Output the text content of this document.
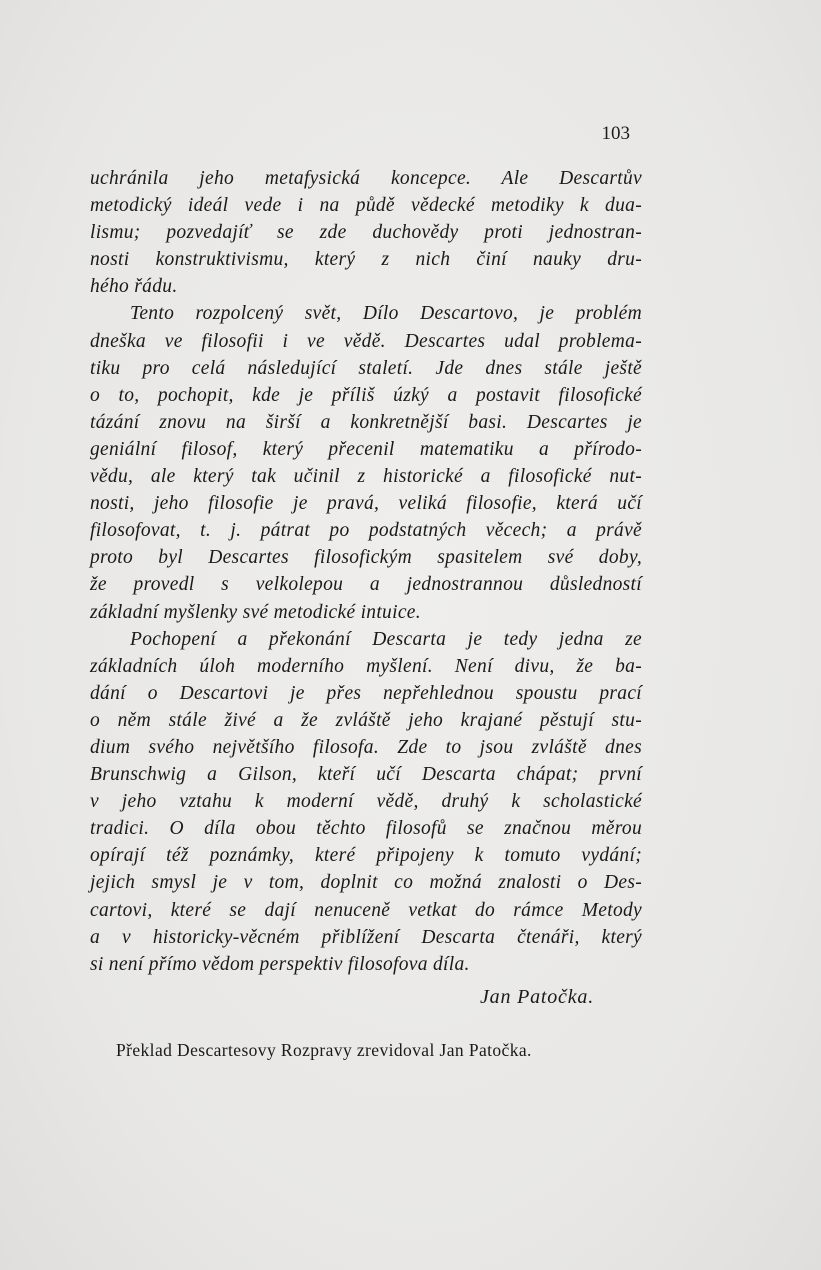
103
uchránila jeho metafysická koncepce. Ale Descartův
metodický ideál vede i na půdě vědecké metodiky k dua-
lismu; pozvedajíť se zde duchovědy proti jednostran-
nosti konstruktivismu, který z nich činí nauky dru-
hého řádu.
Tento rozpolcený svět, Dílo Descartovo, je problém
dneška ve filosofii i ve vědě. Descartes udal problema-
tiku pro celá následující staletí. Jde dnes stále ještě
o to, pochopit, kde je příliš úzký a postavit filosofické
tázání znovu na širší a konkretnější basi. Descartes je
geniální filosof, který přecenil matematiku a přírodo-
vědu, ale který tak učinil z historické a filosofické nut-
nosti, jeho filosofie je pravá, veliká filosofie, která učí
filosofovat, t. j. pátrat po podstatných věcech; a právě
proto byl Descartes filosofickým spasitelem své doby,
že provedl s velkolepou a jednostrannou důsledností
základní myšlenky své metodické intuice.
Pochopení a překonání Descarta je tedy jedna ze
základních úloh moderního myšlení. Není divu, že ba-
dání o Descartovi je přes nepřehlednou spoustu prací
o něm stále živé a že zvláště jeho krajané pěstují stu-
dium svého největšího filosofa. Zde to jsou zvláště dnes
Brunschwig a Gilson, kteří učí Descarta chápat; první
v jeho vztahu k moderní vědě, druhý k scholastické
tradici. O díla obou těchto filosofů se značnou měrou
opírají též poznámky, které připojeny k tomuto vydání;
jejich smysl je v tom, doplnit co možná znalosti o Des-
cartovi, které se dají nenuceně vetkat do rámce Metody
a v historicky-věcném přiblížení Descarta čtenáři, který
si není přímo vědom perspektiv filosofova díla.
Jan Patočka.
Překlad Descartesovy Rozpravy zrevidoval Jan Patočka.
